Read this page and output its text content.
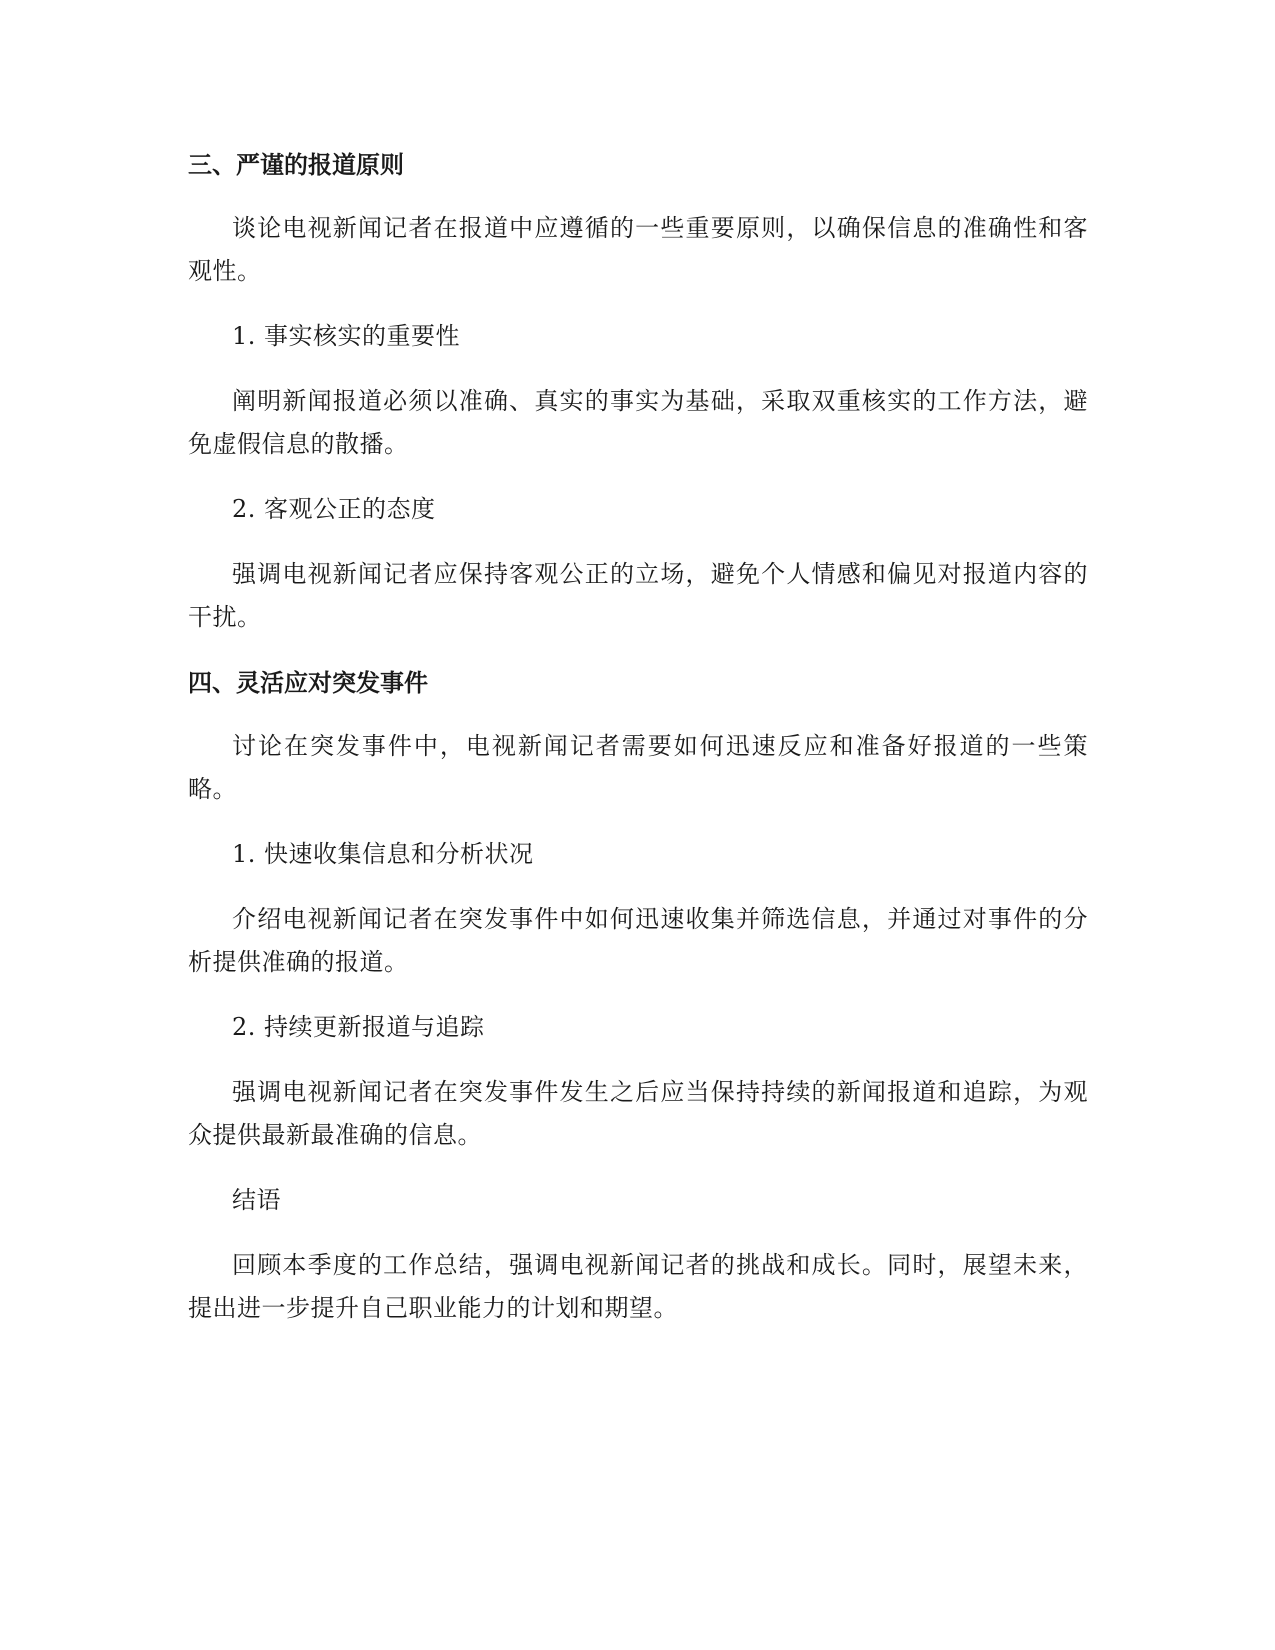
三、严谨的报道原则

谈论电视新闻记者在报道中应遵循的一些重要原则，以确保信息的准确性和客观性。

1. 事实核实的重要性

阐明新闻报道必须以准确、真实的事实为基础，采取双重核实的工作方法，避免虚假信息的散播。

2. 客观公正的态度

强调电视新闻记者应保持客观公正的立场，避免个人情感和偏见对报道内容的干扰。

四、灵活应对突发事件

讨论在突发事件中，电视新闻记者需要如何迅速反应和准备好报道的一些策略。

1. 快速收集信息和分析状况

介绍电视新闻记者在突发事件中如何迅速收集并筛选信息，并通过对事件的分析提供准确的报道。

2. 持续更新报道与追踪

强调电视新闻记者在突发事件发生之后应当保持持续的新闻报道和追踪，为观众提供最新最准确的信息。

结语

回顾本季度的工作总结，强调电视新闻记者的挑战和成长。同时，展望未来，提出进一步提升自己职业能力的计划和期望。
